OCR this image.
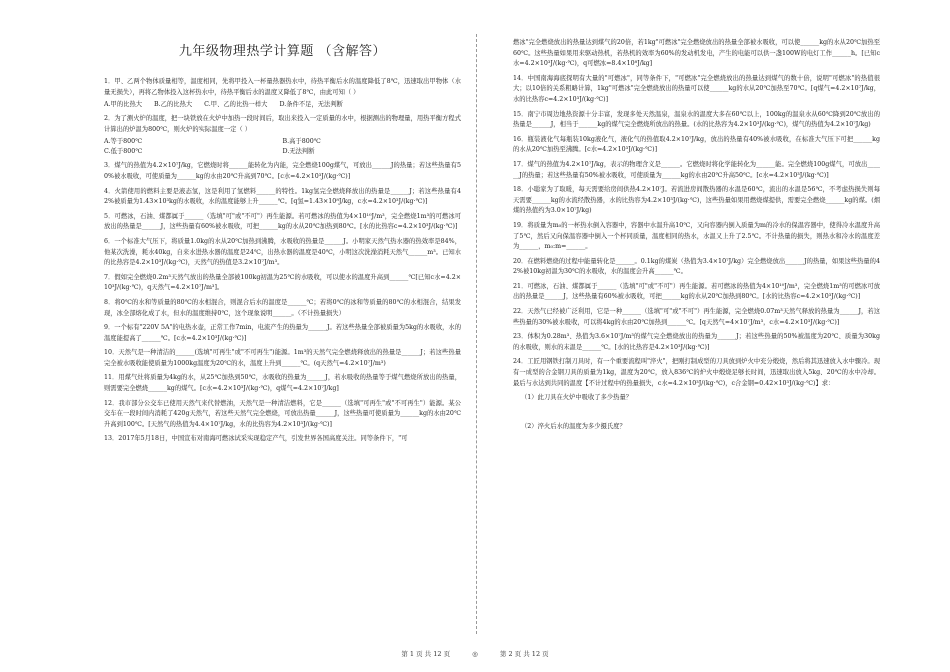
九年级物理热学计算题 （含解答）
1．甲、乙两个物体质量相等，温度相同，先将甲投入一杯量热器热水中，待热平衡后水的温度降低了8℃，迅速取出甲物体（水量无损失），再将乙物体投入这杯热水中，待热平衡后水的温度又降低了8℃，由此可知（ ）
A.甲的比热大 B.乙的比热大 C.甲、乙的比热一样大 D.条件不足，无法判断
2．为了测火炉的温度，把一块铁放在火炉中加热一段时间后，取出来投入一定质量的水中，根据测出的物理量，用热平衡方程式计算出的炉温为800℃，则火炉的实际温度一定（ ）
A.等于800℃	B.高于800℃
C.低于800℃	D.无法判断
3．煤气的热值为4.2×10⁷J/kg，它燃烧时将______能转化为内能，完全燃烧100g煤气，可放出______J的热量；若这些热量有50%被水吸收，可使质量为______kg的水由20℃升高到70℃。[c水=4.2×10³J/(kg·℃)]
4．火箭使用的燃料主要是液态氢，这是利用了氢燃料______的特性。1kg氢完全燃烧释放出的热量是______J；若这些热量有42%被质量为1.43×10³kg的水吸收，水的温度能够上升______℃。[q氢=1.43×10⁸J/kg，c水=4.2×10³J/(kg·℃)]
5．可燃冰，石油、煤都属于______（选填"可"或"不可"）再生能源。若可燃冰的热值为4×10¹⁰J/m³，完全燃烧1m³的可燃冰可放出的热量是______J，这些热量有60%被水吸收，可把______kg的水从20℃加热到80℃。[水的比热容c=4.2×10³J/(kg·℃)]
6．一个标准大气压下，将质量1.0kg的水从20℃加热到沸腾，水吸收的热量是______J。小明家天然气热水器的热效率是84%，他某次洗澡，耗水40kg，自来水进热水器的温度是24℃，出热水器的温度是40℃，小明这次洗澡消耗天然气______m³。已知水的比热容是4.2×10³J/(kg·℃)，天然气的热值是3.2×10⁷J/m³。
7．假如完全燃烧0.2m³天然气放出的热量全部被100kg初温为25℃的水吸收，可以使水的温度升高到______℃[已知c水=4.2×10³J/(kg·℃)，q天然气=4.2×10⁷J/m³]。
8．将0℃的水和等质量的80℃的水相混合，则混合后水的温度是______℃；若将0℃的冰和等质量的80℃的水相混合，结果发现，冰全部熔化成了水，但水的温度维持0℃，这个现象说明______。（不计热量损失）
9．一个标有"220V 5A"的电热水壶，正常工作7min，电流产生的热量为______J。若这些热量全部被质量为5kg的水吸收，水的温度能提高了______℃。[c水=4.2×10³J/(kg·℃)]
10．天然气是一种清洁的______(选填"可再生"或"不可再生")能源。1m³的天然气完全燃烧释放出的热量是______J；若这些热量完全被水吸收能使质量为1000kg温度为20℃的水，温度上升到______℃。(q天然气=4.2×10⁷J/m³)
11．用煤气灶将质量为4kg的水，从25℃加热到50℃，水吸收的热量为______J，若水吸收的热量等于煤气燃烧所放出的热量，则需要完全燃烧______kg的煤气。[c水=4.2×10³J/(kg·℃)，q煤气=4.2×10⁷J/kg]
12．我市部分公交车已使用天然气来代替燃油，天然气是一种清洁燃料，它是______（选填"可再生"或"不可再生"）能源。某公交车在一段时间内消耗了420g天然气，若这些天然气完全燃烧，可放出热量______J，这些热量可使质量为______kg的水由20℃升高到100℃。[天然气的热值为4.4×10⁷J/kg，水的比热容为4.2×10³J/(kg·℃)]
13．2017年5月18日，中国宣布对南海可燃冰试采实现稳定产气，引发世界各国高度关注。同等条件下，"可
燃冰"完全燃烧放出的热量达到煤气的20倍，若1kg"可燃冰"完全燃烧放出的热量全部被水吸收，可以使______kg的水从20℃加热至60℃。这些热量如果用来驱动热机，若热机的效率为60%的发动机发电，产生的电能可以供一盏100W的电灯工作______h。[已知c水=4.2×10³J/(kg·℃)，q可燃冰=8.4×10⁸J/kg]
14．中国南海海底探明有大量的"可燃冰"，同等条件下，"可燃冰"完全燃烧放出的热量达到煤气的数十倍，说明"可燃冰"的热值很大；以10倍的关系粗略计算，1kg"可燃冰"完全燃烧放出的热量可以使______kg的水从20℃加热至70℃。[q煤气=4.2×10⁷J/kg，水的比热容c=4.2×10³J/(kg·℃)]
15．南宁市周边地热资源十分丰富，发现多处天然温泉，温泉水的温度大多在60℃以上，100kg的温泉水从60℃降到20℃放出的热量是______J，相当于______kg的煤气完全燃烧所放出的热量。(水的比热容为4.2×10³J/(kg·℃)，煤气的热值为4.2×10⁷J/kg)
16．瓶装液化气每瓶装10kg液化气，液化气的热值取4.2×10⁷J/kg，放出的热量有40%被水吸收，在标准大气压下可把______kg的水从20℃加热至沸腾。[c水=4.2×10³J/(kg·℃)]
17．煤气的热值为4.2×10⁷J/kg，表示的物理含义是______。它燃烧时将化学能转化为______能。完全燃烧100g煤气，可放出______J的热量；若这些热量有50%被水吸收，可使质量为______kg的水由20℃升高50℃。[c水=4.2×10³J/(kg·℃)]
18．小聪家为了取暖，每天需要给房间供热4.2×10⁷J。若流进房间散热器的水温是60℃，流出的水温是56℃，不考虑热损失则每天需要______kg的水流经散热器，水的比热容为4.2×10³J/(kg·℃)，这些热量如果用燃烧煤提供，需要完全燃烧______kg的煤。(烟煤的热值约为3.0×10⁷J/kg)
19．将质量为m₀的一杯热水倒入容器中，容器中水温升高10℃，又向容器内倒入质量为m的冷水的保温容器中，使得冷水温度升高了5℃，然后又向保温容器中倒入一个杯同质量，温度相同的热水，水温又上升了2.5℃。不计热量的损失，则热水和冷水的温度差为______，m₀:m=______。
20．在燃料燃烧的过程中能量转化是______。0.1kg的煤炭（热值为3.4×10⁷J/kg）完全燃烧放出______J的热量，如果这些热量的42%被10kg初温为30℃的水吸收，水的温度会升高______℃。
21．可燃冰，石油、煤都属于______（选填"可"或"不可"）再生能源。若可燃冰的热值为4×10¹⁰J/m³，完全燃烧1m³的可燃冰可放出的热量是______J，这些热量有60%被水吸收，可把______kg的水从20℃加热到80℃。[水的比热容c=4.2×10³J/(kg·℃)]
22．天然气已经被广泛利用，它是一种______（选填"可"或"不可"）再生能源，完全燃烧0.07m³天然气释放的热量为______J，若这些热量的30%被水吸收，可以将4kg的水由20℃加热到______℃。[q天然气=4×10⁷J/m³，c水=4.2×10³J/(kg·℃)]
23．体积为0.28m³、热值为3.6×10⁷J/m³的煤气完全燃烧放出的热量为______J；若这些热量的50%被温度为20℃、质量为30kg的水吸收，则水的末温是______℃。[水的比热容是4.2×10³J/(kg·℃)]
24．工匠用钢铁打制刀具时，有一个重要流程叫"淬火"，把刚打制成型的刀具放到炉火中充分煅烧，然后将其迅速放入水中骤冷。现有一成型的合金钢刀具的质量为1kg，温度为20℃，放入836℃的炉火中煅烧足够长时间，迅速取出放入5kg、20℃的水中冷却。最后与水达到共同的温度【不计过程中的热量损失，c水=4.2×10³J/(kg·℃)，c合金钢=0.42×10³J/(kg·℃)】求：
（1）此刀具在火炉中吸收了多少热量？
（2）淬火后水的温度为多少摄氏度？
第 1 页 共 12 页	◎	第 2 页 共 12 页
